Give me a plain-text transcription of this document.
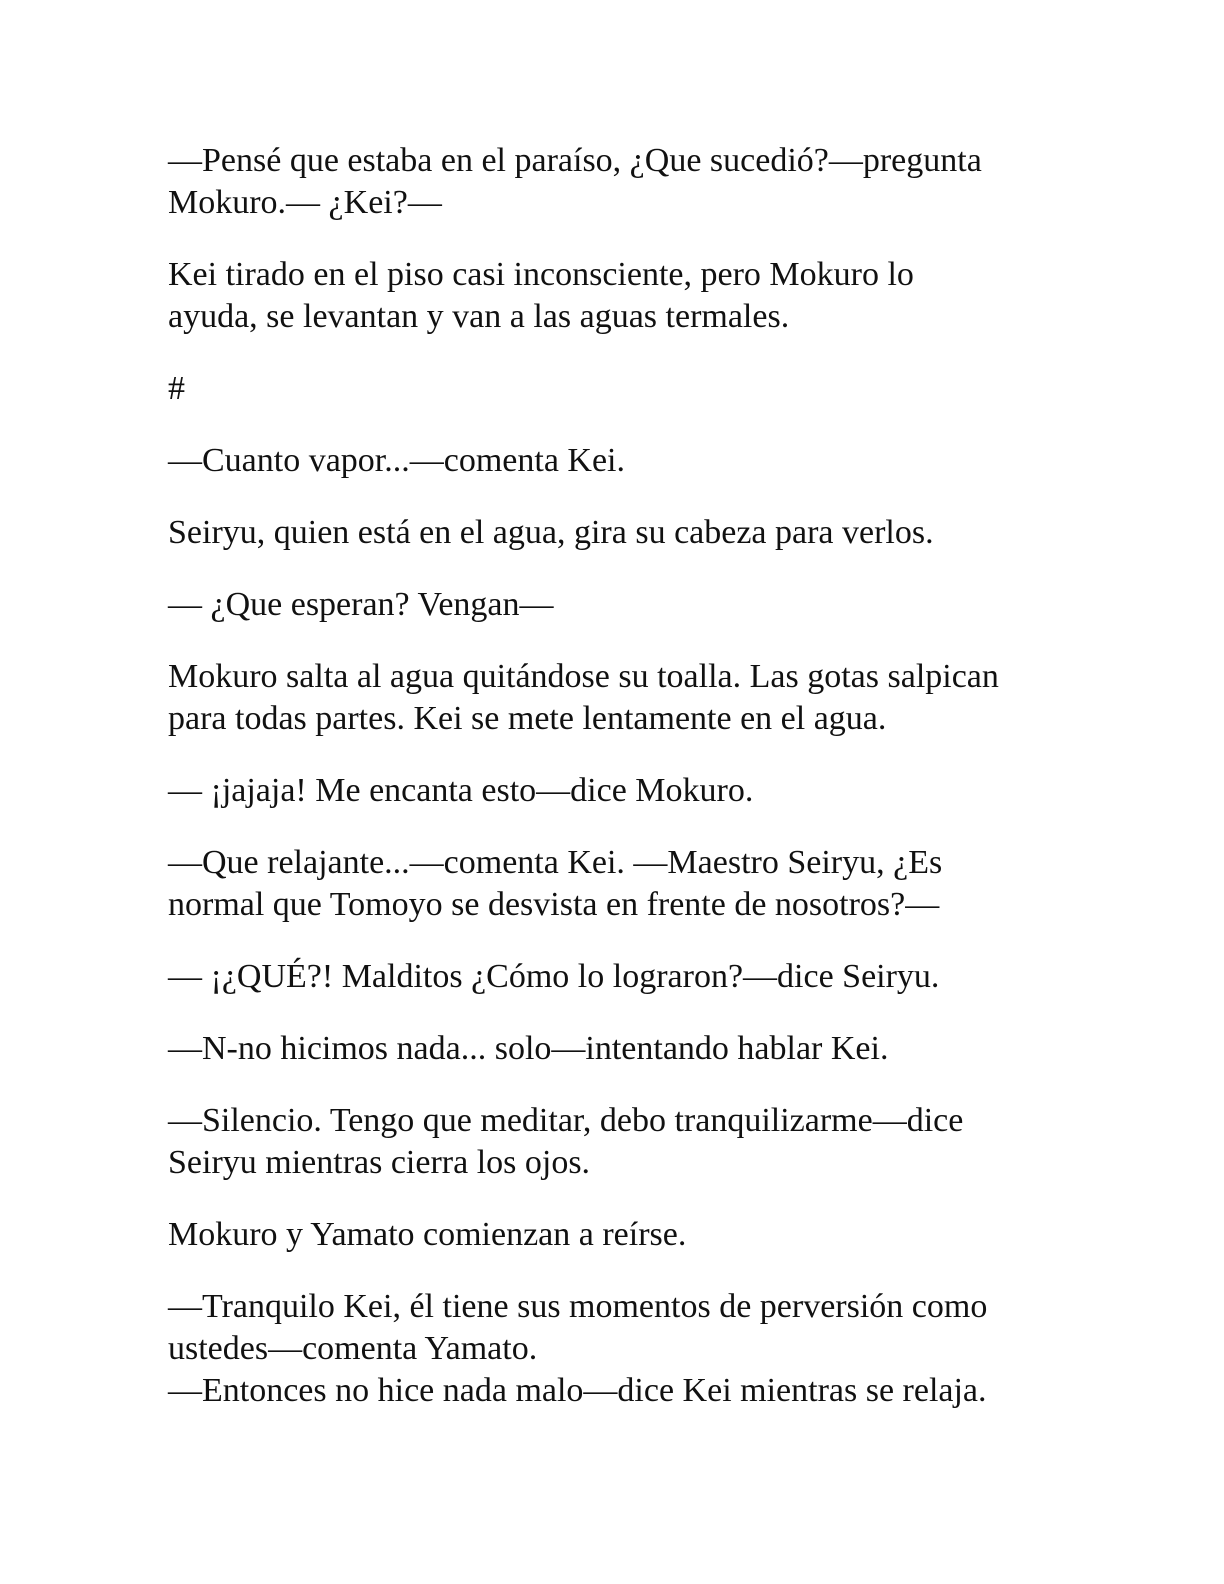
—Pensé que estaba en el paraíso, ¿Que sucedió?—pregunta
Mokuro.— ¿Kei?—

Kei tirado en el piso casi inconsciente, pero Mokuro lo
ayuda, se levantan y van a las aguas termales.

#

—Cuanto vapor...—comenta Kei.

Seiryu, quien está en el agua, gira su cabeza para verlos.

— ¿Que esperan? Vengan—

Mokuro salta al agua quitándose su toalla. Las gotas salpican
para todas partes. Kei se mete lentamente en el agua.

— ¡jajaja! Me encanta esto—dice Mokuro.

—Que relajante...—comenta Kei. —Maestro Seiryu, ¿Es
normal que Tomoyo se desvista en frente de nosotros?—

— ¡¿QUÉ?! Malditos ¿Cómo lo lograron?—dice Seiryu.

—N-no hicimos nada... solo—intentando hablar Kei.

—Silencio. Tengo que meditar, debo tranquilizarme—dice
Seiryu mientras cierra los ojos.

Mokuro y Yamato comienzan a reírse.

—Tranquilo Kei, él tiene sus momentos de perversión como
ustedes—comenta Yamato.

—Entonces no hice nada malo—dice Kei mientras se relaja.
